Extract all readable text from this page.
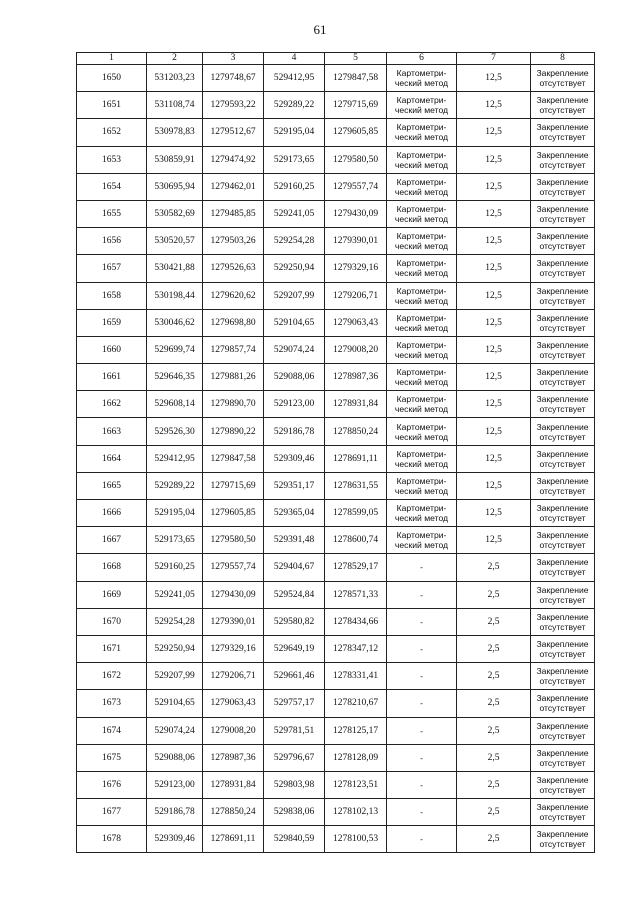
61
1	2	3	4	5	6	7	8
1650	531203,23	1279748,67	529412,95	1279847,58	Картометри-ческий метод	12,5	Закрепление отсутствует
1651	531108,74	1279593,22	529289,22	1279715,69	Картометри-ческий метод	12,5	Закрепление отсутствует
1652	530978,83	1279512,67	529195,04	1279605,85	Картометри-ческий метод	12,5	Закрепление отсутствует
1653	530859,91	1279474,92	529173,65	1279580,50	Картометри-ческий метод	12,5	Закрепление отсутствует
1654	530695,94	1279462,01	529160,25	1279557,74	Картометри-ческий метод	12,5	Закрепление отсутствует
1655	530582,69	1279485,85	529241,05	1279430,09	Картометри-ческий метод	12,5	Закрепление отсутствует
1656	530520,57	1279503,26	529254,28	1279390,01	Картометри-ческий метод	12,5	Закрепление отсутствует
1657	530421,88	1279526,63	529250,94	1279329,16	Картометри-ческий метод	12,5	Закрепление отсутствует
1658	530198,44	1279620,62	529207,99	1279206,71	Картометри-ческий метод	12,5	Закрепление отсутствует
1659	530046,62	1279698,80	529104,65	1279063,43	Картометри-ческий метод	12,5	Закрепление отсутствует
1660	529699,74	1279857,74	529074,24	1279008,20	Картометри-ческий метод	12,5	Закрепление отсутствует
1661	529646,35	1279881,26	529088,06	1278987,36	Картометри-ческий метод	12,5	Закрепление отсутствует
1662	529608,14	1279890,70	529123,00	1278931,84	Картометри-ческий метод	12,5	Закрепление отсутствует
1663	529526,30	1279890,22	529186,78	1278850,24	Картометри-ческий метод	12,5	Закрепление отсутствует
1664	529412,95	1279847,58	529309,46	1278691,11	Картометри-ческий метод	12,5	Закрепление отсутствует
1665	529289,22	1279715,69	529351,17	1278631,55	Картометри-ческий метод	12,5	Закрепление отсутствует
1666	529195,04	1279605,85	529365,04	1278599,05	Картометри-ческий метод	12,5	Закрепление отсутствует
1667	529173,65	1279580,50	529391,48	1278600,74	Картометри-ческий метод	12,5	Закрепление отсутствует
1668	529160,25	1279557,74	529404,67	1278529,17	-	2,5	Закрепление отсутствует
1669	529241,05	1279430,09	529524,84	1278571,33	-	2,5	Закрепление отсутствует
1670	529254,28	1279390,01	529580,82	1278434,66	-	2,5	Закрепление отсутствует
1671	529250,94	1279329,16	529649,19	1278347,12	-	2,5	Закрепление отсутствует
1672	529207,99	1279206,71	529661,46	1278331,41	-	2,5	Закрепление отсутствует
1673	529104,65	1279063,43	529757,17	1278210,67	-	2,5	Закрепление отсутствует
1674	529074,24	1279008,20	529781,51	1278125,17	-	2,5	Закрепление отсутствует
1675	529088,06	1278987,36	529796,67	1278128,09	-	2,5	Закрепление отсутствует
1676	529123,00	1278931,84	529803,98	1278123,51	-	2,5	Закрепление отсутствует
1677	529186,78	1278850,24	529838,06	1278102,13	-	2,5	Закрепление отсутствует
1678	529309,46	1278691,11	529840,59	1278100,53	-	2,5	Закрепление отсутствует
